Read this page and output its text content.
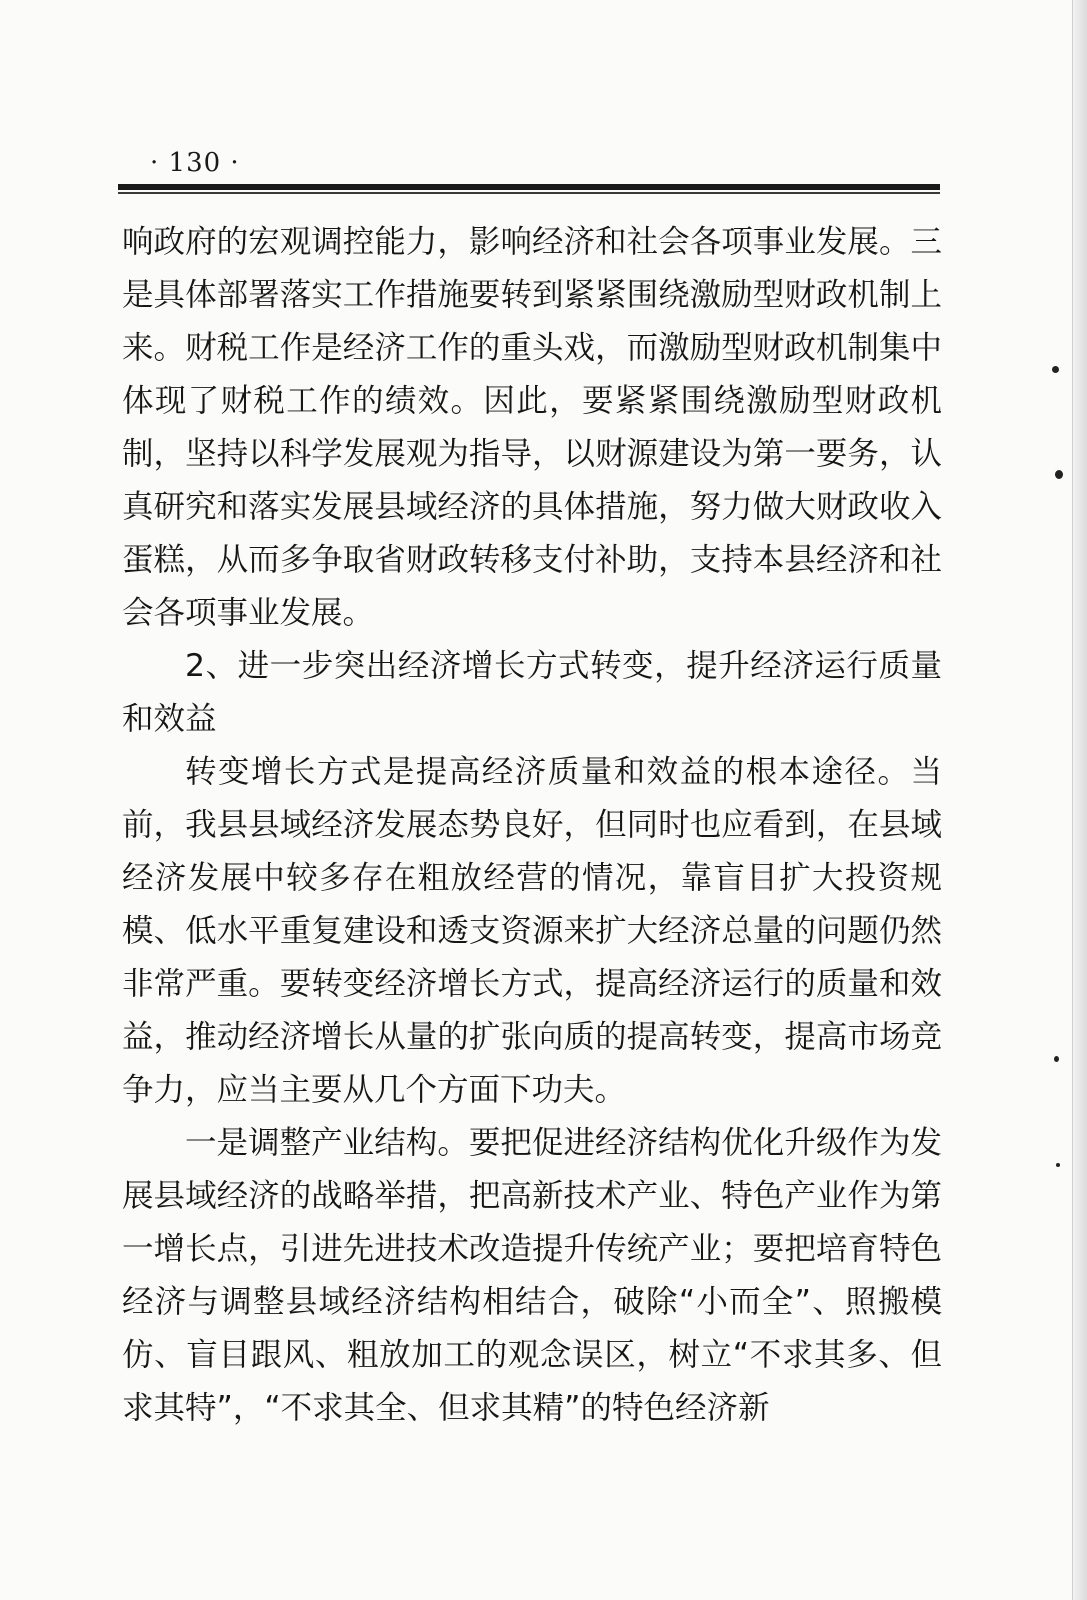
· 130 ·

响政府的宏观调控能力，影响经济和社会各项事业发展。三是具体部署落实工作措施要转到紧紧围绕激励型财政机制上来。财税工作是经济工作的重头戏，而激励型财政机制集中体现了财税工作的绩效。因此，要紧紧围绕激励型财政机制，坚持以科学发展观为指导，以财源建设为第一要务，认真研究和落实发展县域经济的具体措施，努力做大财政收入蛋糕，从而多争取省财政转移支付补助，支持本县经济和社会各项事业发展。

2、进一步突出经济增长方式转变，提升经济运行质量和效益

转变增长方式是提高经济质量和效益的根本途径。当前，我县县域经济发展态势良好，但同时也应看到，在县域经济发展中较多存在粗放经营的情况，靠盲目扩大投资规模、低水平重复建设和透支资源来扩大经济总量的问题仍然非常严重。要转变经济增长方式，提高经济运行的质量和效益，推动经济增长从量的扩张向质的提高转变，提高市场竞争力，应当主要从几个方面下功夫。

一是调整产业结构。要把促进经济结构优化升级作为发展县域经济的战略举措，把高新技术产业、特色产业作为第一增长点，引进先进技术改造提升传统产业；要把培育特色经济与调整县域经济结构相结合，破除“小而全”、照搬模仿、盲目跟风、粗放加工的观念误区，树立“不求其多、但求其特”，“不求其全、但求其精”的特色经济新
